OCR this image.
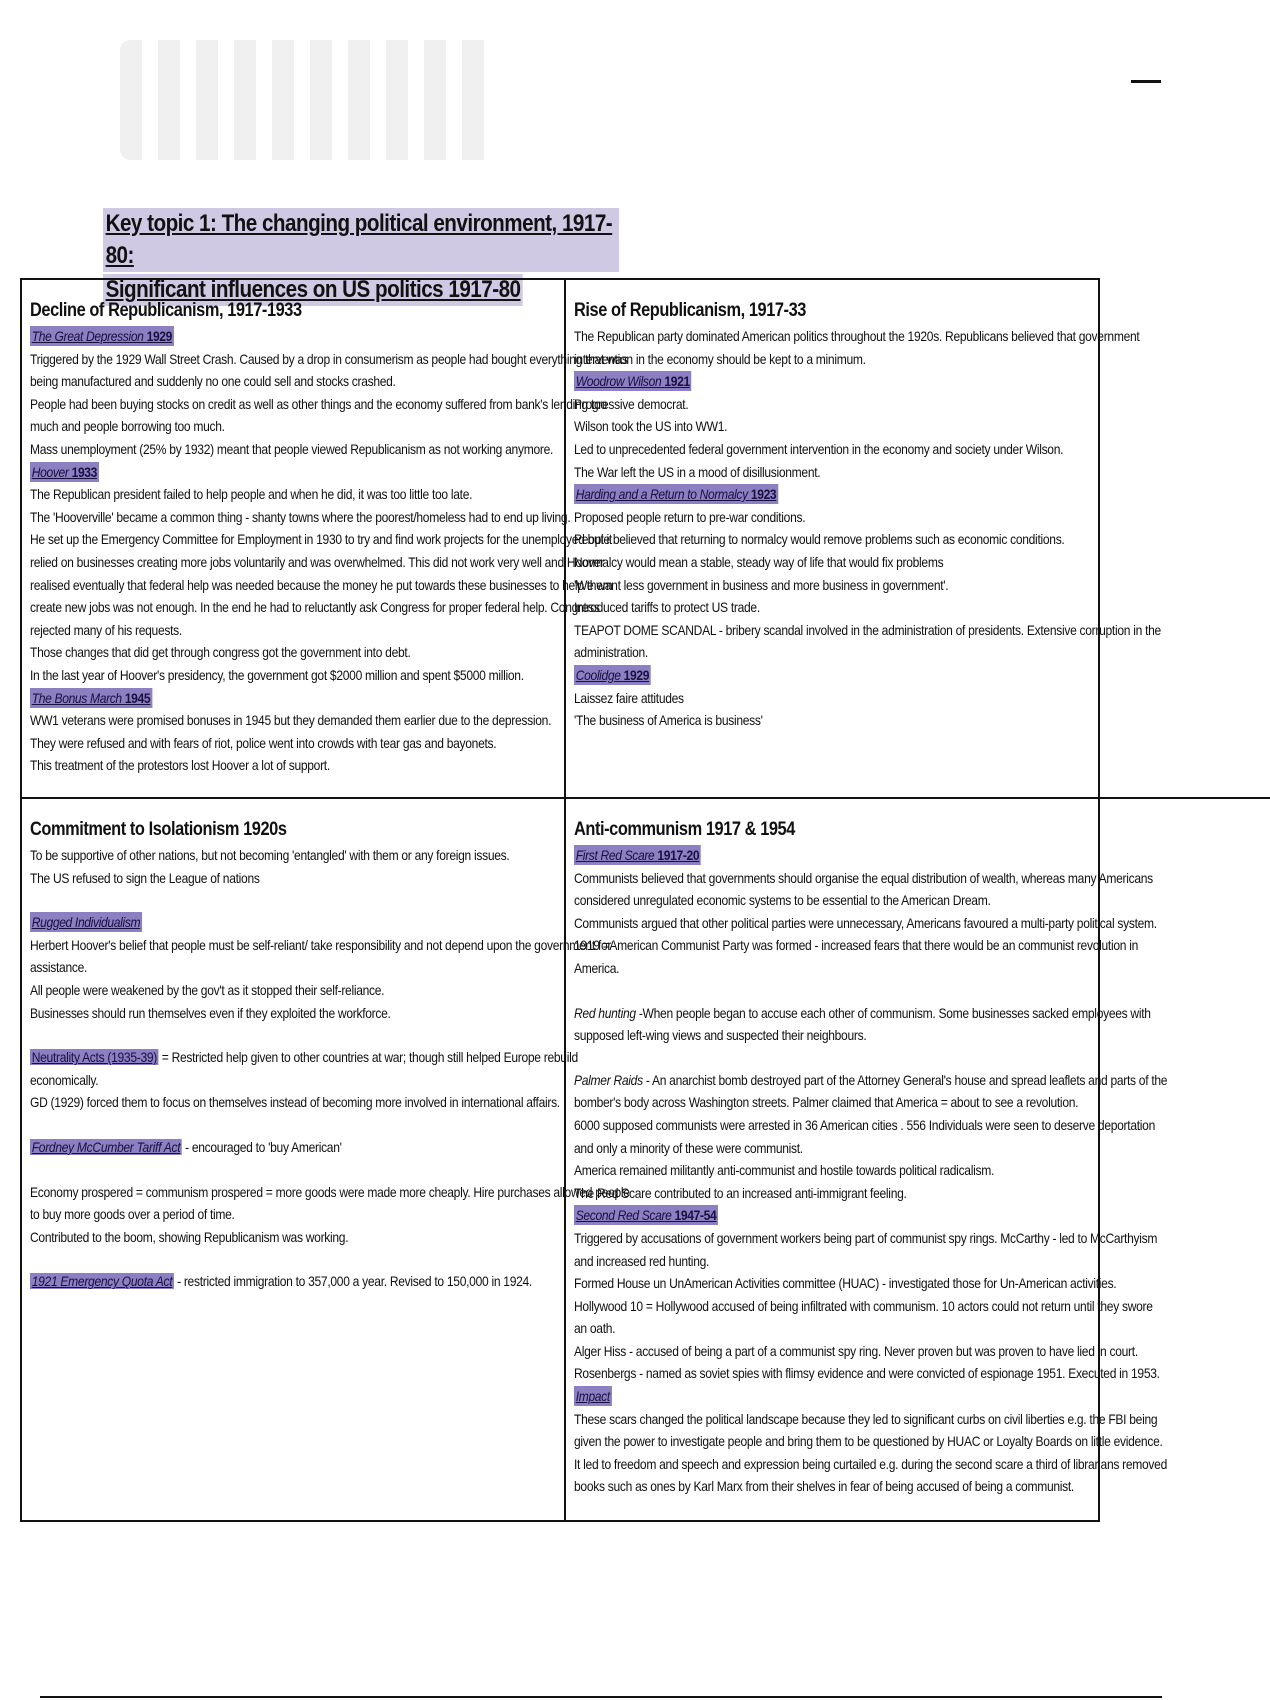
Key topic 1: The changing political environment, 1917-80:
Significant influences on US politics 1917-80
Decline of Republicanism, 1917-1933
The Great Depression 1929
Triggered by the 1929 Wall Street Crash. Caused by a drop in consumerism as people had bought everything that was
being manufactured and suddenly no one could sell and stocks crashed.
People had been buying stocks on credit as well as other things and the economy suffered from bank's lending too
much and people borrowing too much.
Mass unemployment (25% by 1932) meant that people viewed Republicanism as not working anymore.
Hoover 1933
The Republican president failed to help people and when he did, it was too little too late.
The 'Hooverville' became a common thing - shanty towns where the poorest/homeless had to end up living.
He set up the Emergency Committee for Employment in 1930 to try and find work projects for the unemployed but it
relied on businesses creating more jobs voluntarily and was overwhelmed. This did not work very well and Hoover
realised eventually that federal help was needed because the money he put towards these businesses to help them
create new jobs was not enough. In the end he had to reluctantly ask Congress for proper federal help. Congress
rejected many of his requests.
Those changes that did get through congress got the government into debt.
In the last year of Hoover's presidency, the government got $2000 million and spent $5000 million.
The Bonus March 1945
WW1 veterans were promised bonuses in 1945 but they demanded them earlier due to the depression.
They were refused and with fears of riot, police went into crowds with tear gas and bayonets.
This treatment of the protestors lost Hoover a lot of support.
Rise of Republicanism, 1917-33
The Republican party dominated American politics throughout the 1920s. Republicans believed that government
intervention in the economy should be kept to a minimum.
Woodrow Wilson 1921
Progressive democrat.
Wilson took the US into WW1.
Led to unprecedented federal government intervention in the economy and society under Wilson.
The War left the US in a mood of disillusionment.
Harding and a Return to Normalcy 1923
Proposed people return to pre-war conditions.
People believed that returning to normalcy would remove problems such as economic conditions.
Normalcy would mean a stable, steady way of life that would fix problems
'We want less government in business and more business in government'.
Introduced tariffs to protect US trade.
TEAPOT DOME SCANDAL - bribery scandal involved in the administration of presidents. Extensive corruption in the
administration.
Coolidge 1929
Laissez faire attitudes
'The business of America is business'
Commitment to Isolationism 1920s
To be supportive of other nations, but not becoming 'entangled' with them or any foreign issues.
The US refused to sign the League of nations
Rugged Individualism
Herbert Hoover's belief that people must be self-reliant/ take responsibility and not depend upon the government for
assistance.
All people were weakened by the gov't as it stopped their self-reliance.
Businesses should run themselves even if they exploited the workforce.
Neutrality Acts (1935-39) = Restricted help given to other countries at war; though still helped Europe rebuild
economically.
GD (1929) forced them to focus on themselves instead of becoming more involved in international affairs.
Fordney McCumber Tariff Act - encouraged to 'buy American'
Economy prospered = communism prospered = more goods were made more cheaply. Hire purchases allowed people
to buy more goods over a period of time.
Contributed to the boom, showing Republicanism was working.
1921 Emergency Quota Act - restricted immigration to 357,000 a year. Revised to 150,000 in 1924.
Anti-communism 1917 & 1954
First Red Scare 1917-20
Communists believed that governments should organise the equal distribution of wealth, whereas many Americans
considered unregulated economic systems to be essential to the American Dream.
Communists argued that other political parties were unnecessary, Americans favoured a multi-party political system.
1919 =American Communist Party was formed - increased fears that there would be an communist revolution in
America.
Red hunting -When people began to accuse each other of communism. Some businesses sacked employees with
supposed left-wing views and suspected their neighbours.
Palmer Raids - An anarchist bomb destroyed part of the Attorney General's house and spread leaflets and parts of the
bomber's body across Washington streets. Palmer claimed that America = about to see a revolution.
6000 supposed communists were arrested in 36 American cities . 556 Individuals were seen to deserve deportation
and only a minority of these were communist.
America remained militantly anti-communist and hostile towards political radicalism.
The Red Scare contributed to an increased anti-immigrant feeling.
Second Red Scare 1947-54
Triggered by accusations of government workers being part of communist spy rings. McCarthy - led to McCarthyism
and increased red hunting.
Formed House un UnAmerican Activities committee (HUAC) - investigated those for Un-American activities.
Hollywood 10 = Hollywood accused of being infiltrated with communism. 10 actors could not return until they swore
an oath.
Alger Hiss - accused of being a part of a communist spy ring. Never proven but was proven to have lied in court.
Rosenbergs - named as soviet spies with flimsy evidence and were convicted of espionage 1951. Executed in 1953.
Impact
These scars changed the political landscape because they led to significant curbs on civil liberties e.g. the FBI being
given the power to investigate people and bring them to be questioned by HUAC or Loyalty Boards on little evidence.
It led to freedom and speech and expression being curtailed e.g. during the second scare a third of librarians removed
books such as ones by Karl Marx from their shelves in fear of being accused of being a communist.
